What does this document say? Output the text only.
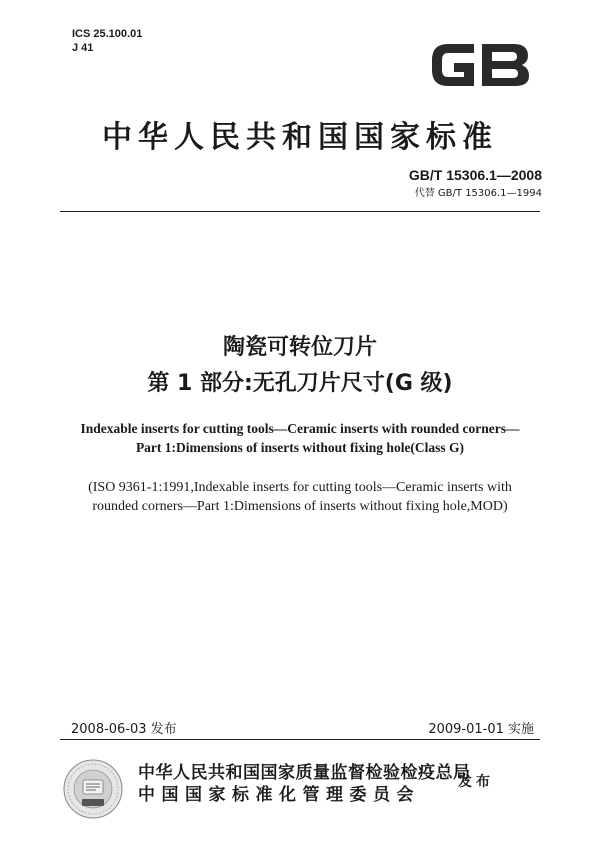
ICS 25.100.01
J 41
中华人民共和国国家标准
GB/T 15306.1—2008
代替 GB/T 15306.1—1994
陶瓷可转位刀片
第 1 部分:无孔刀片尺寸(G 级)
Indexable inserts for cutting tools—Ceramic inserts with rounded corners—
Part 1:Dimensions of inserts without fixing hole(Class G)
(ISO 9361-1:1991,Indexable inserts for cutting tools—Ceramic inserts with
rounded corners—Part 1:Dimensions of inserts without fixing hole,MOD)
2008-06-03 发布	2009-01-01 实施
中华人民共和国国家质量监督检验检疫总局
中国国家标准化管理委员会
发布
